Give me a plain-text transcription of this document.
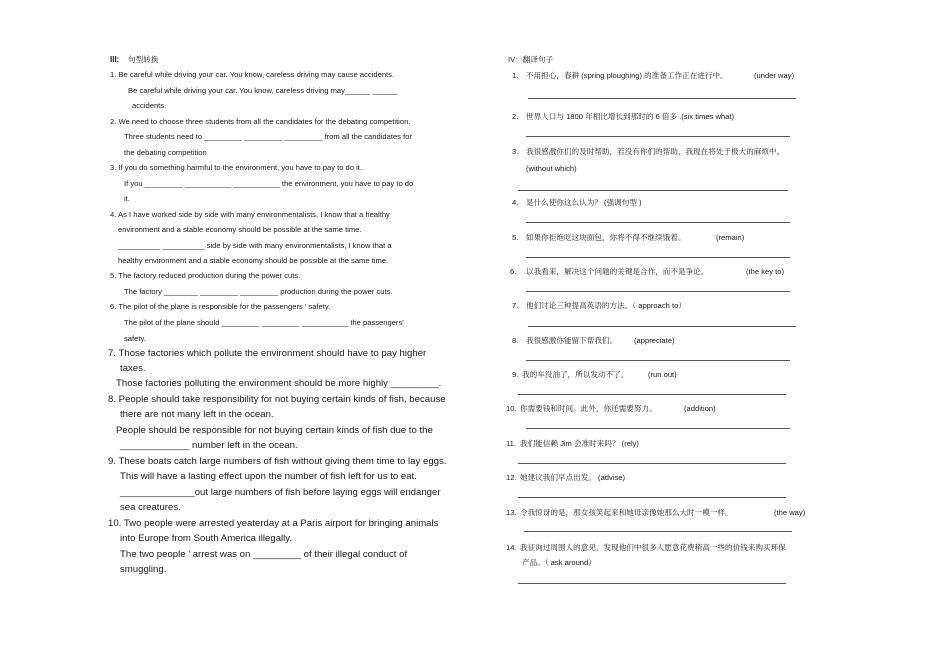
III: 句型转换
1. Be careful while driving your car. You know, careless driving may cause accidents.
Be careful while driving your car. You know, careless driving may______ ______
accidents.
2. We need to choose three students from all the candidates for the debating competition.
Three students need to _________ _________ _________ from all the candidates for
the debating competition
3. If you do something harmful to the environment, you have to pay to do it..
If you _________ ___________ ___________ the environment, you have to pay to do
it.
4. As I have worked side by side with many environmentalists, I know that a healthy
environment and a stable economy should be possible at the same time.
__________ __________ side by side with many environmentalists, I know that a
healthy environment and a stable economy should be possible at the same time.
5. The factory reduced production during the power cuts.
The factory ________ _________ _________ production during the power cuts.
6. The pilot of the plane is responsible for the passengers ’ safety.
The pilot of the plane should _________ _________ ___________ the passengers'
safety.
7. Those factories which pollute the environment should have to pay higher
taxes.
Those factories polluting the environment should be more highly _________.
8. People should take responsibility for not buying certain kinds of fish, because
there are not many left in the ocean.
People should be responsible for not buying certain kinds of fish due to the
_____________ number left in the ocean.
9. These boats catch large numbers of fish without giving them time to lay eggs.
This will have a lasting effect upon the number of fish left for us to eat.
______________out large numbers of fish before laying eggs will endanger
sea creatures.
10. Two people were arrested yeaterday at a Paris airport for bringing animals
into Europe from South America illegally.
The two people ’ arrest was on _________ of their illegal conduct of
smuggling.
IV：翻译句子
1. 不用担心，春耕 (spring ploughing) 的准备工作正在进行中。	(under way)
2. 世界人口与 1800 年相比增长到那时的 6 倍多 .(six times what)
3. 我很感激你们的及时帮助，若没有你们的帮助，我现在将处于极大的麻烦中。
(without which)
4. 是什么使你这么认为？ (强调句型 )
5. 如果你拒绝吃这块面包，你将不得不继续饿着。	(remain)
6. .以我看来，解决这个问题的关键是合作，而不是争论。	(the key to)
7. 他们讨论三种提高英语的方法。（ approach to）
8. 我很感激你能留下帮我们。 (appreciate)
9. 我的车没油了，所以发动不了。	(run out)
10. 你需要钱和时间。此外，你还需要努力。	(addition)
11. 我们能信赖 Jim 会准时来吗？ (rely)
12. 她建议我们早点出发。 (advise)
13. 令我惊讶的是，那女孩笑起来和她母亲像她那么大时一模一样。	(the way)
14. 我征询过周围人的意见，发现他们中很多人愿意花费稍高一些的价钱来购买环保
产品。（ ask around）
